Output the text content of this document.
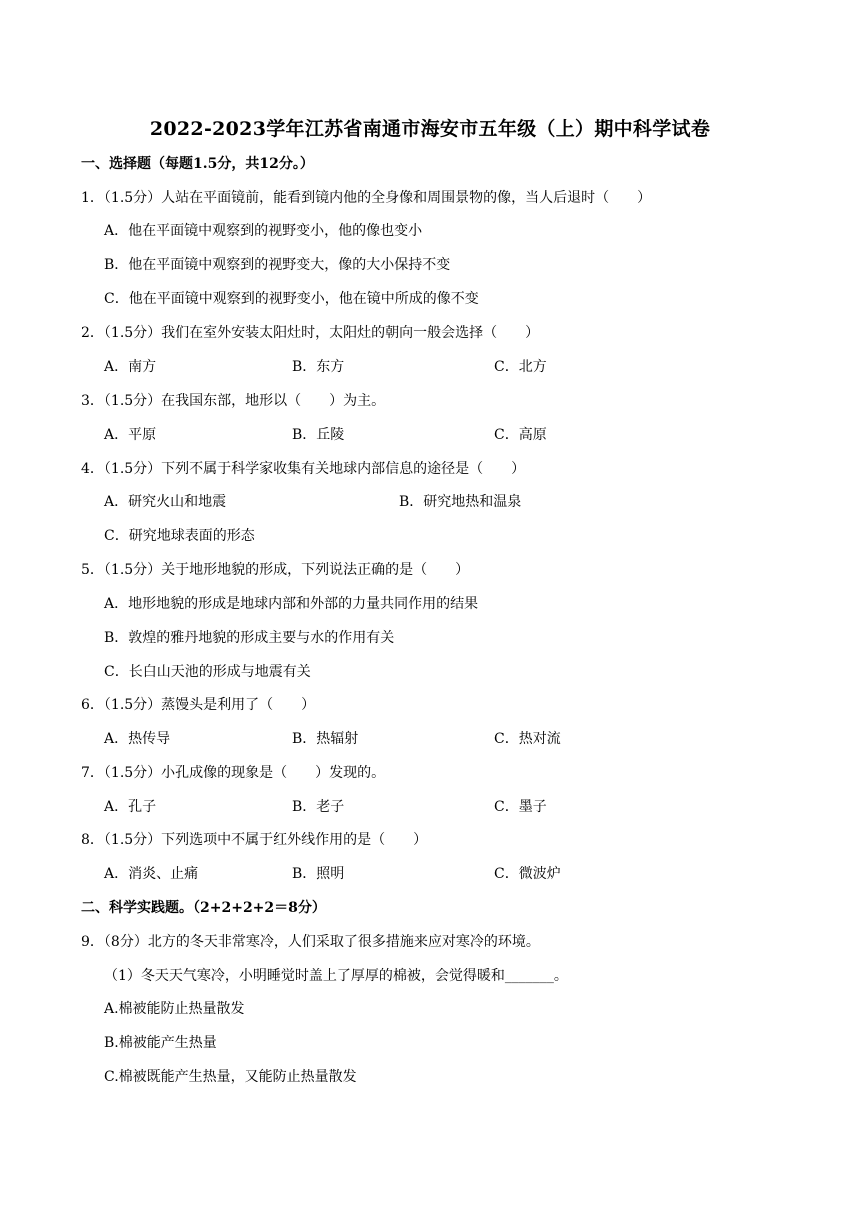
2022-2023学年江苏省南通市海安市五年级（上）期中科学试卷
一、选择题（每题1.5分，共12分。）
1．（1.5分）人站在平面镜前，能看到镜内他的全身像和周围景物的像，当人后退时（　　）
A．他在平面镜中观察到的视野变小，他的像也变小
B．他在平面镜中观察到的视野变大，像的大小保持不变
C．他在平面镜中观察到的视野变小，他在镜中所成的像不变
2．（1.5分）我们在室外安装太阳灶时，太阳灶的朝向一般会选择（　　）
A．南方	B．东方	C．北方
3．（1.5分）在我国东部，地形以（　　）为主。
A．平原	B．丘陵	C．高原
4．（1.5分）下列不属于科学家收集有关地球内部信息的途径是（　　）
A．研究火山和地震	B．研究地热和温泉
C．研究地球表面的形态
5．（1.5分）关于地形地貌的形成，下列说法正确的是（　　）
A．地形地貌的形成是地球内部和外部的力量共同作用的结果
B．敦煌的雅丹地貌的形成主要与水的作用有关
C．长白山天池的形成与地震有关
6．（1.5分）蒸馒头是利用了（　　）
A．热传导	B．热辐射	C．热对流
7．（1.5分）小孔成像的现象是（　　）发现的。
A．孔子	B．老子	C．墨子
8．（1.5分）下列选项中不属于红外线作用的是（　　）
A．消炎、止痛	B．照明	C．微波炉
二、科学实践题。（2+2+2+2＝8分）
9．（8分）北方的冬天非常寒冷，人们采取了很多措施来应对寒冷的环境。
（1）冬天天气寒冷，小明睡觉时盖上了厚厚的棉被，会觉得暖和_______。
A.棉被能防止热量散发
B.棉被能产生热量
C.棉被既能产生热量，又能防止热量散发
